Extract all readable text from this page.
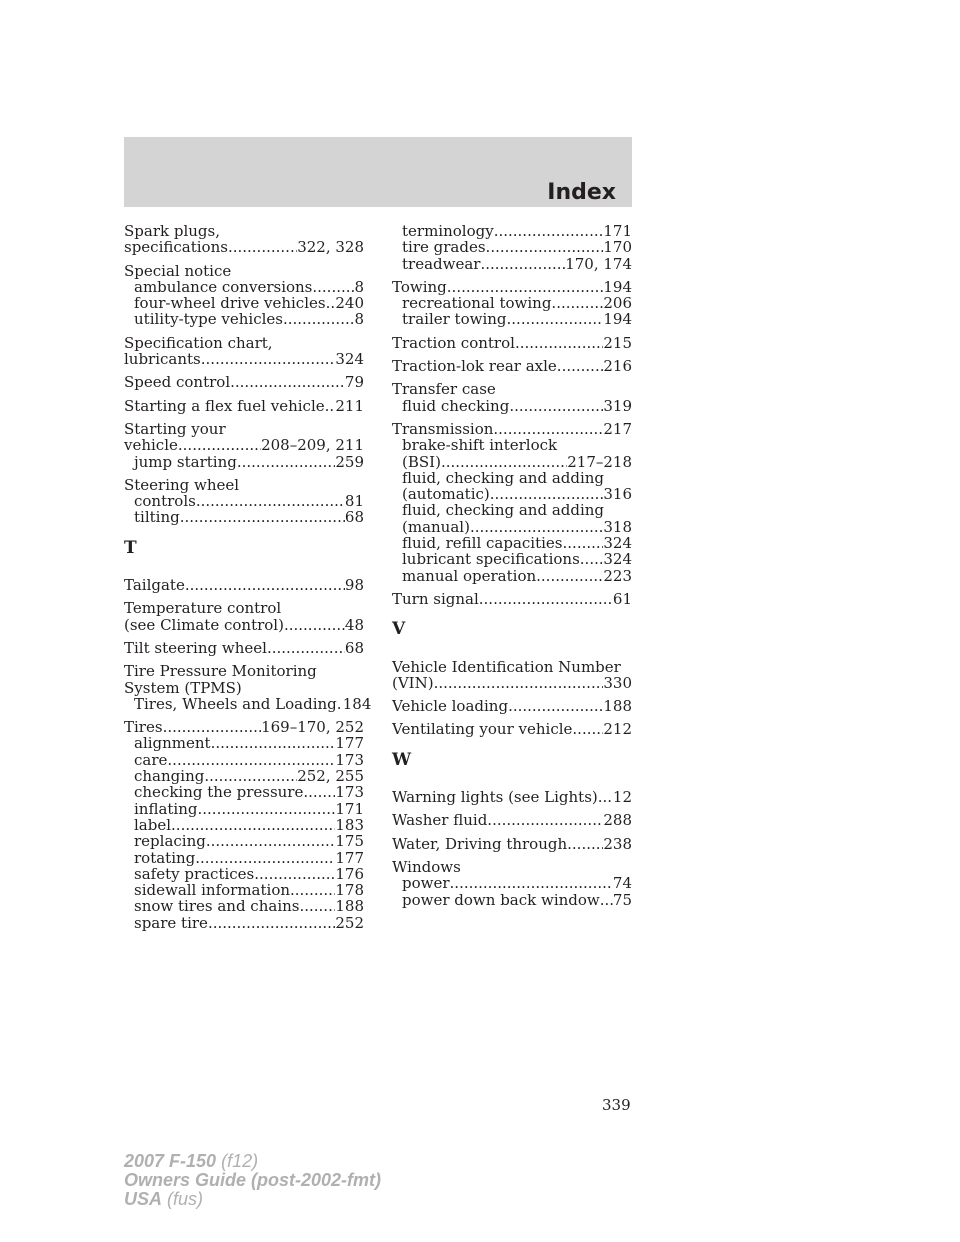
Index
Spark plugs,
specifications .....	322, 328
Special notice
ambulance conversions .....	8
four-wheel drive vehicles ..... 240
utility-type vehicles .....	8
Specification chart,
lubricants .....	324
Speed control .....	79
Starting a flex fuel vehicle ..... 211
Starting your
vehicle .....	208–209, 211
jump starting .....	259
Steering wheel
controls .....	81
tilting .....	68
T
Tailgate .....	98
Temperature control
(see Climate control) .....	48
Tilt steering wheel .....	68
Tire Pressure Monitoring
System (TPMS)
Tires, Wheels and Loading ..... 184
Tires .....	169–170, 252
alignment .....	177
care .....	173
changing .....	252, 255
checking the pressure ..... 173
inflating .....	171
label .....	183
replacing .....	175
rotating .....	177
safety practices .....	176
sidewall information .....	178
snow tires and chains ..... 188
spare tire .....	252
terminology .....	171
tire grades .....	170
treadwear .....	170, 174
Towing .....	194
recreational towing .....	206
trailer towing .....	194
Traction control .....	215
Traction-lok rear axle .....	216
Transfer case
fluid checking .....	319
Transmission .....	217
brake-shift interlock
(BSI) .....	217–218
fluid, checking and adding
(automatic) .....	316
fluid, checking and adding
(manual) .....	318
fluid, refill capacities .....	324
lubricant specifications ..... 324
manual operation .....	223
Turn signal .....	61
V
Vehicle Identification Number
(VIN) .....	330
Vehicle loading .....	188
Ventilating your vehicle ..... 212
W
Warning lights (see Lights) ..... 12
Washer fluid .....	288
Water, Driving through ..... 238
Windows
power .....	74
power down back window ..... 75
339
2007 F-150 (f12)
Owners Guide (post-2002-fmt)
USA (fus)
